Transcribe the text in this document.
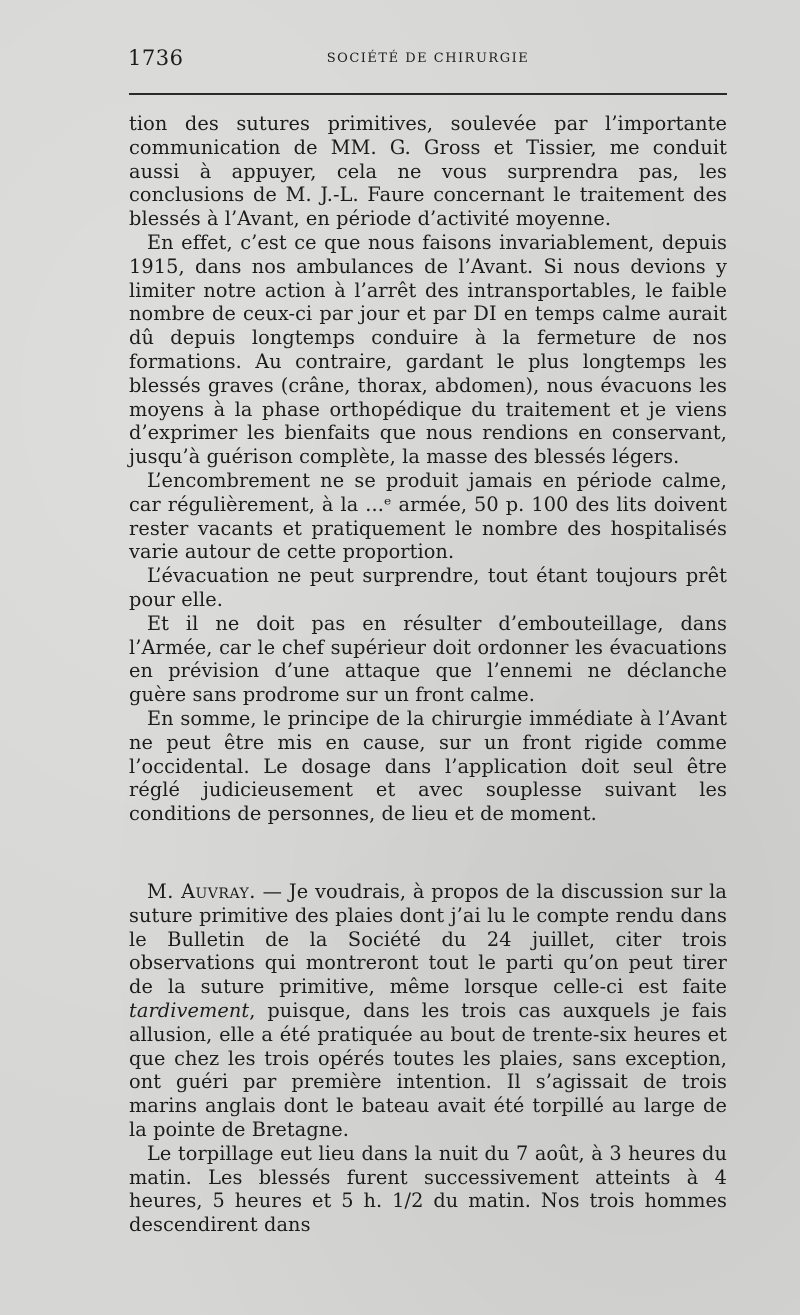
1736	SOCIÉTÉ DE CHIRURGIE

tion des sutures primitives, soulevée par l’importante communication de MM. G. Gross et Tissier, me conduit aussi à appuyer, cela ne vous surprendra pas, les conclusions de M. J.-L. Faure concernant le traitement des blessés à l’Avant, en période d’activité moyenne.

En effet, c’est ce que nous faisons invariablement, depuis 1915, dans nos ambulances de l’Avant. Si nous devions y limiter notre action à l’arrêt des intransportables, le faible nombre de ceux-ci par jour et par DI en temps calme aurait dû depuis longtemps conduire à la fermeture de nos formations. Au contraire, gardant le plus longtemps les blessés graves (crâne, thorax, abdomen), nous évacuons les moyens à la phase orthopédique du traitement et je viens d’exprimer les bienfaits que nous rendions en conservant, jusqu’à guérison complète, la masse des blessés légers.

L’encombrement ne se produit jamais en période calme, car régulièrement, à la ...ᵉ armée, 50 p. 100 des lits doivent rester vacants et pratiquement le nombre des hospitalisés varie autour de cette proportion.

L’évacuation ne peut surprendre, tout étant toujours prêt pour elle.

Et il ne doit pas en résulter d’embouteillage, dans l’Armée, car le chef supérieur doit ordonner les évacuations en prévision d’une attaque que l’ennemi ne déclanche guère sans prodrome sur un front calme.

En somme, le principe de la chirurgie immédiate à l’Avant ne peut être mis en cause, sur un front rigide comme l’occidental. Le dosage dans l’application doit seul être réglé judicieusement et avec souplesse suivant les conditions de personnes, de lieu et de moment.

M. Auvray. — Je voudrais, à propos de la discussion sur la suture primitive des plaies dont j’ai lu le compte rendu dans le Bulletin de la Société du 24 juillet, citer trois observations qui montreront tout le parti qu’on peut tirer de la suture primitive, même lorsque celle-ci est faite tardivement, puisque, dans les trois cas auxquels je fais allusion, elle a été pratiquée au bout de trente-six heures et que chez les trois opérés toutes les plaies, sans exception, ont guéri par première intention. Il s’agissait de trois marins anglais dont le bateau avait été torpillé au large de la pointe de Bretagne.

Le torpillage eut lieu dans la nuit du 7 août, à 3 heures du matin. Les blessés furent successivement atteints à 4 heures, 5 heures et 5 h. 1/2 du matin. Nos trois hommes descendirent dans
